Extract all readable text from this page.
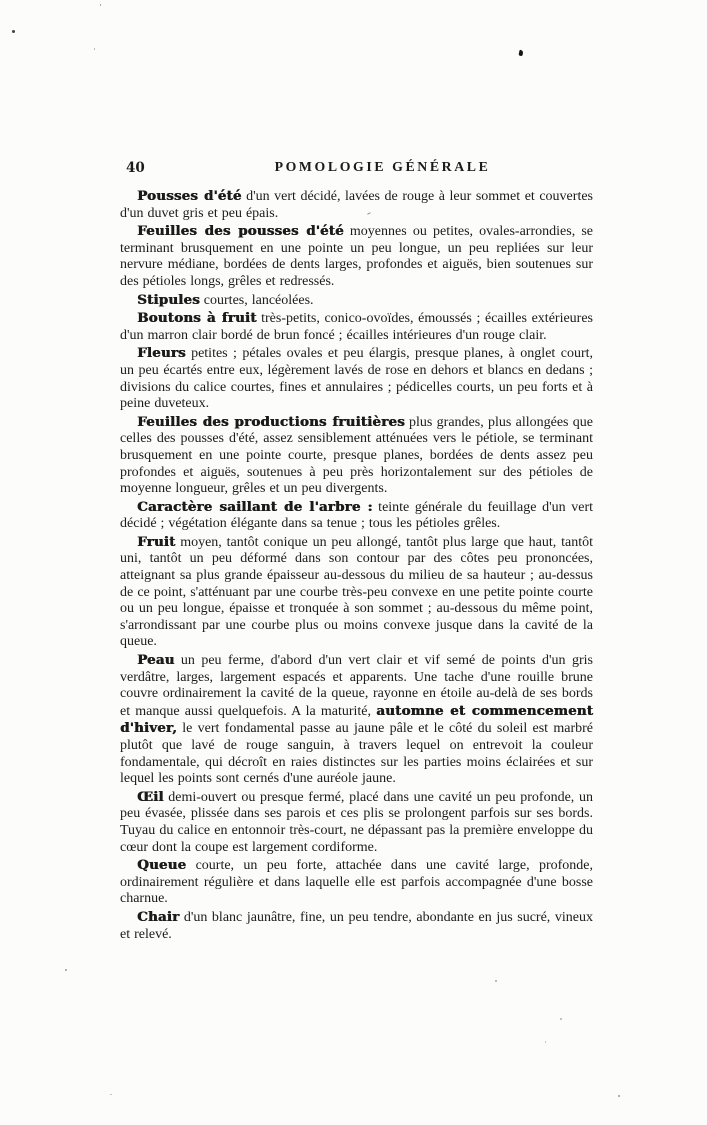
40	POMOLOGIE GÉNÉRALE

Pousses d'été d'un vert décidé, lavées de rouge à leur sommet et couvertes d'un duvet gris et peu épais.

Feuilles des pousses d'été moyennes ou petites, ovales-arrondies, se terminant brusquement en une pointe un peu longue, un peu repliées sur leur nervure médiane, bordées de dents larges, profondes et aiguës, bien soutenues sur des pétioles longs, grêles et redressés.

Stipules courtes, lancéolées.

Boutons à fruit très-petits, conico-ovoïdes, émoussés ; écailles extérieures d'un marron clair bordé de brun foncé ; écailles intérieures d'un rouge clair.

Fleurs petites ; pétales ovales et peu élargis, presque planes, à onglet court, un peu écartés entre eux, légèrement lavés de rose en dehors et blancs en dedans ; divisions du calice courtes, fines et annulaires ; pédicelles courts, un peu forts et à peine duveteux.

Feuilles des productions fruitières plus grandes, plus allongées que celles des pousses d'été, assez sensiblement atténuées vers le pétiole, se terminant brusquement en une pointe courte, presque planes, bordées de dents assez peu profondes et aiguës, soutenues à peu près horizontalement sur des pétioles de moyenne longueur, grêles et un peu divergents.

Caractère saillant de l'arbre : teinte générale du feuillage d'un vert décidé ; végétation élégante dans sa tenue ; tous les pétioles grêles.

Fruit moyen, tantôt conique un peu allongé, tantôt plus large que haut, tantôt uni, tantôt un peu déformé dans son contour par des côtes peu prononcées, atteignant sa plus grande épaisseur au-dessous du milieu de sa hauteur ; au-dessus de ce point, s'atténuant par une courbe très-peu convexe en une petite pointe courte ou un peu longue, épaisse et tronquée à son sommet ; au-dessous du même point, s'arrondissant par une courbe plus ou moins convexe jusque dans la cavité de la queue.

Peau un peu ferme, d'abord d'un vert clair et vif semé de points d'un gris verdâtre, larges, largement espacés et apparents. Une tache d'une rouille brune couvre ordinairement la cavité de la queue, rayonne en étoile au-delà de ses bords et manque aussi quelquefois. A la maturité, automne et commencement d'hiver, le vert fondamental passe au jaune pâle et le côté du soleil est marbré plutôt que lavé de rouge sanguin, à travers lequel on entrevoit la couleur fondamentale, qui décroît en raies distinctes sur les parties moins éclairées et sur lequel les points sont cernés d'une auréole jaune.

Œil demi-ouvert ou presque fermé, placé dans une cavité un peu profonde, un peu évasée, plissée dans ses parois et ces plis se prolongent parfois sur ses bords. Tuyau du calice en entonnoir très-court, ne dépassant pas la première enveloppe du cœur dont la coupe est largement cordiforme.

Queue courte, un peu forte, attachée dans une cavité large, profonde, ordinairement régulière et dans laquelle elle est parfois accompagnée d'une bosse charnue.

Chair d'un blanc jaunâtre, fine, un peu tendre, abondante en jus sucré, vineux et relevé.
